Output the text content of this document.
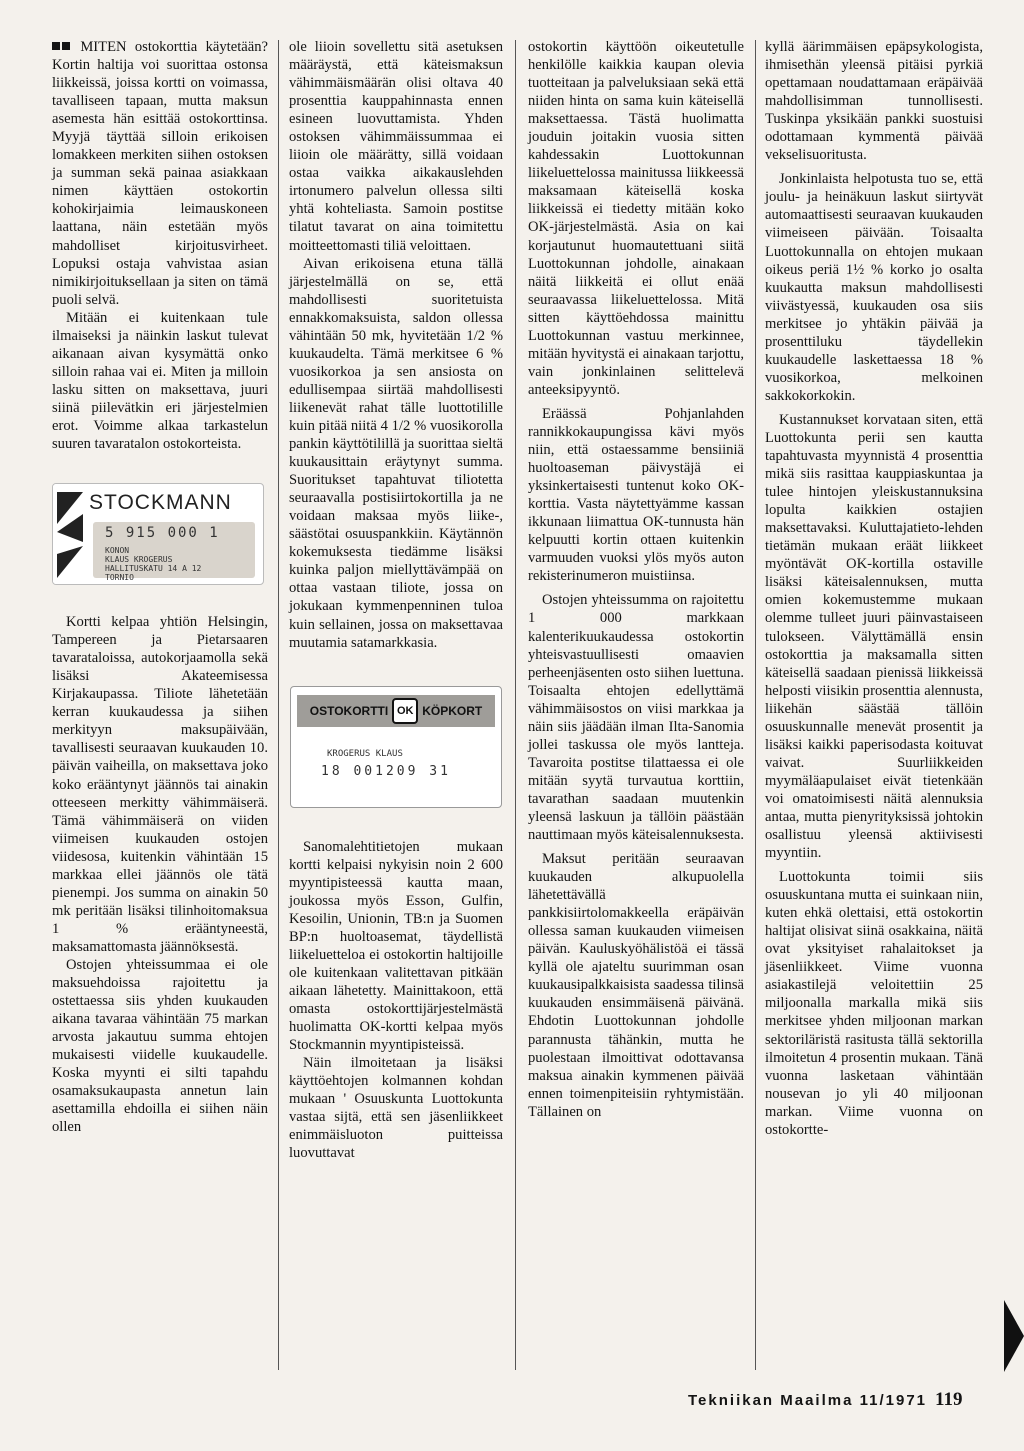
MITEN ostokorttia käytetään? Kortin haltija voi suorittaa ostonsa liikkeissä, joissa kortti on voimassa, tavalliseen tapaan, mutta maksun asemesta hän esittää ostokorttinsa. Myyjä täyttää silloin erikoisen lomakkeen merkiten siihen ostoksen ja summan sekä painaa asiakkaan nimen käyttäen ostokortin kohokirjaimia leimauskoneen laattana, näin estetään myös mahdolliset kirjoitusvirheet. Lopuksi ostaja vahvistaa asian nimikirjoituksellaan ja siten on tämä puoli selvä.

Mitään ei kuitenkaan tule ilmaiseksi ja näinkin laskut tulevat aikanaan aivan kysymättä onko silloin rahaa vai ei. Miten ja milloin lasku sitten on maksettava, juuri siinä piilevätkin eri järjestelmien erot. Voimme alkaa tarkastelun suuren tavaratalon ostokorteista.

STOCKMANN
5 915 000 1
KONON
KLAUS KROGERUS
HALLITUSKATU 14 A 12
TORNIO

Kortti kelpaa yhtiön Helsingin, Tampereen ja Pietarsaaren tavarataloissa, autokorjaamolla sekä lisäksi Akateemisessa Kirjakaupassa. Tiliote lähetetään kerran kuukaudessa ja siihen merkityyn maksupäivään, tavallisesti seuraavan kuukauden 10. päivän vaiheilla, on maksettava joko koko erääntynyt jäännös tai ainakin otteeseen merkitty vähimmäiserä. Tämä vähimmäiserä on viiden viimeisen kuukauden ostojen viidesosa, kuitenkin vähintään 15 markkaa ellei jäännös ole tätä pienempi. Jos summa on ainakin 50 mk peritään lisäksi tilinhoitomaksua 1 % erääntyneestä, maksamattomasta jäännöksestä.

Ostojen yhteissummaa ei ole maksuehdoissa rajoitettu ja ostettaessa siis yhden kuukauden aikana tavaraa vähintään 75 markan arvosta jakautuu summa ehtojen mukaisesti viidelle kuukaudelle. Koska myynti ei silti tapahdu osamaksukaupasta annetun lain asettamilla ehdoilla ei siihen näin ollen

ole liioin sovellettu sitä asetuksen määräystä, että käteismaksun vähimmäismäärän olisi oltava 40 prosenttia kauppahinnasta ennen esineen luovuttamista. Yhden ostoksen vähimmäissummaa ei liioin ole määrätty, sillä voidaan ostaa vaikka aikakauslehden irtonumero palvelun ollessa silti yhtä kohteliasta. Samoin postitse tilatut tavarat on aina toimitettu moitteettomasti tiliä veloittaen.

Aivan erikoisena etuna tällä järjestelmällä on se, että mahdollisesti suoritetuista ennakkomaksuista, saldon ollessa vähintään 50 mk, hyvitetään 1/2 % kuukaudelta. Tämä merkitsee 6 % vuosikorkoa ja sen ansiosta on edullisempaa siirtää mahdollisesti liikenevät rahat tälle luottotilille kuin pitää niitä 4 1/2 % vuosikorolla pankin käyttötilillä ja suorittaa sieltä kuukausittain eräytynyt summa. Suoritukset tapahtuvat tiliotetta seuraavalla postisiirtokortilla ja ne voidaan maksaa myös liike-, säästötai osuuspankkiin. Käytännön kokemuksesta tiedämme lisäksi kuinka paljon miellyttävämpää on ottaa vastaan tiliote, jossa on jokukaan kymmenpenninen tuloa kuin sellainen, jossa on maksettavaa muutamia satamarkkasia.

OSTOKORTTI OK KÖPKORT
KROGERUS KLAUS
18 001209 31

Sanomalehtitietojen mukaan kortti kelpaisi nykyisin noin 2 600 myyntipisteessä kautta maan, joukossa myös Esson, Gulfin, Kesoilin, Unionin, TB:n ja Suomen BP:n huoltoasemat, täydellistä liikeluetteloa ei ostokortin haltijoille ole kuitenkaan valitettavan pitkään aikaan lähetetty. Mainittakoon, että omasta ostokorttijärjestelmästä huolimatta OK-kortti kelpaa myös Stockmannin myyntipisteissä.

Näin ilmoitetaan ja lisäksi käyttöehtojen kolmannen kohdan mukaan ' Osuuskunta Luottokunta vastaa sijtä, että sen jäsenliikkeet enimmäisluoton puitteissa luovuttavat

ostokortin käyttöön oikeutetulle henkilölle kaikkia kaupan olevia tuotteitaan ja palveluksiaan sekä että niiden hinta on sama kuin käteisellä maksettaessa. Tästä huolimatta jouduin joitakin vuosia sitten kahdessakin Luottokunnan liikeluettelossa mainitussa liikkeessä maksamaan käteisellä koska liikkeissä ei tiedetty mitään koko OK-järjestelmästä. Asia on kai korjautunut huomautettuani siitä Luottokunnan johdolle, ainakaan näitä liikkeitä ei ollut enää seuraavassa liikeluettelossa. Mitä sitten käyttöehdossa mainittu Luottokunnan vastuu merkinnee, mitään hyvitystä ei ainakaan tarjottu, vain jonkinlainen selittelevä anteeksipyyntö.

Eräässä Pohjanlahden rannikkokaupungissa kävi myös niin, että ostaessamme bensiiniä huoltoaseman päivystäjä ei yksinkertaisesti tuntenut koko OK-korttia. Vasta näytettyämme kassan ikkunaan liimattua OK-tunnusta hän kelpuutti kortin ottaen kuitenkin varmuuden vuoksi ylös myös auton rekisterinumeron muistiinsa.

Ostojen yhteissumma on rajoitettu 1 000 markkaan kalenterikuukaudessa ostokortin yhteisvastuullisesti omaavien perheenjäsenten osto siihen luettuna. Toisaalta ehtojen edellyttämä vähimmäisostos on viisi markkaa ja näin siis jäädään ilman Ilta-Sanomia jollei taskussa ole myös lantteja. Tavaroita postitse tilattaessa ei ole mitään syytä turvautua korttiin, tavarathan saadaan muutenkin yleensä laskuun ja tällöin päästään nauttimaan myös käteisalennuksesta.

Maksut peritään seuraavan kuukauden alkupuolella lähetettävällä pankkisiirtolomakkeella eräpäivän ollessa saman kuukauden viimeisen päivän. Kauluskyöhälistöä ei tässä kyllä ole ajateltu suurimman osan kuukausipalkkaisista saadessa tilinsä kuukauden ensimmäisenä päivänä. Ehdotin Luottokunnan johdolle parannusta tähänkin, mutta he puolestaan ilmoittivat odottavansa maksua ainakin kymmenen päivää ennen toimenpiteisiin ryhtymistään. Tällainen on

kyllä äärimmäisen epäpsykologista, ihmisethän yleensä pitäisi pyrkiä opettamaan noudattamaan eräpäivää mahdollisimman tunnollisesti. Tuskinpa yksikään pankki suostuisi odottamaan kymmentä päivää vekselisuoritusta.

Jonkinlaista helpotusta tuo se, että joulu- ja heinäkuun laskut siirtyvät automaattisesti seuraavan kuukauden viimeiseen päivään. Toisaalta Luottokunnalla on ehtojen mukaan oikeus periä 1½ % korko jo osalta kuukautta maksun mahdollisesti viivästyessä, kuukauden osa siis merkitsee jo yhtäkin päivää ja prosenttiluku täydellekin kuukaudelle laskettaessa 18 % vuosikorkoa, melkoinen sakkokorkokin.

Kustannukset korvataan siten, että Luottokunta perii sen kautta tapahtuvasta myynnistä 4 prosenttia mikä siis rasittaa kauppiaskuntaa ja tulee hintojen yleiskustannuksina lopulta kaikkien ostajien maksettavaksi. Kuluttajatieto-lehden tietämän mukaan eräät liikkeet myöntävät OK-kortilla ostaville lisäksi käteisalennuksen, mutta omien kokemustemme mukaan olemme tulleet juuri päinvastaiseen tulokseen. Välyttämällä ensin ostokorttia ja maksamalla sitten käteisellä saadaan pienissä liikkeissä helposti viisikin prosenttia alennusta, liikehän säästää tällöin osuuskunnalle menevät prosentit ja lisäksi kaikki paperisodasta koituvat vaivat. Suurliikkeiden myymäläapulaiset eivät tietenkään voi omatoimisesti näitä alennuksia antaa, mutta pienyrityksissä johtokin osallistuu yleensä aktiivisesti myyntiin.

Luottokunta toimii siis osuuskuntana mutta ei suinkaan niin, kuten ehkä olettaisi, että ostokortin haltijat olisivat siinä osakkaina, näitä ovat yksityiset rahalaitokset ja jäsenliikkeet. Viime vuonna asiakastilejä veloitettiin 25 miljoonalla markalla mikä siis merkitsee yhden miljoonan markan sektoriläristä rasitusta tällä sektorilla ilmoitetun 4 prosentin mukaan. Tänä vuonna lasketaan vähintään nousevan jo yli 40 miljoonan markan. Viime vuonna on ostokortte-

Tekniikan Maailma 11/1971 119
